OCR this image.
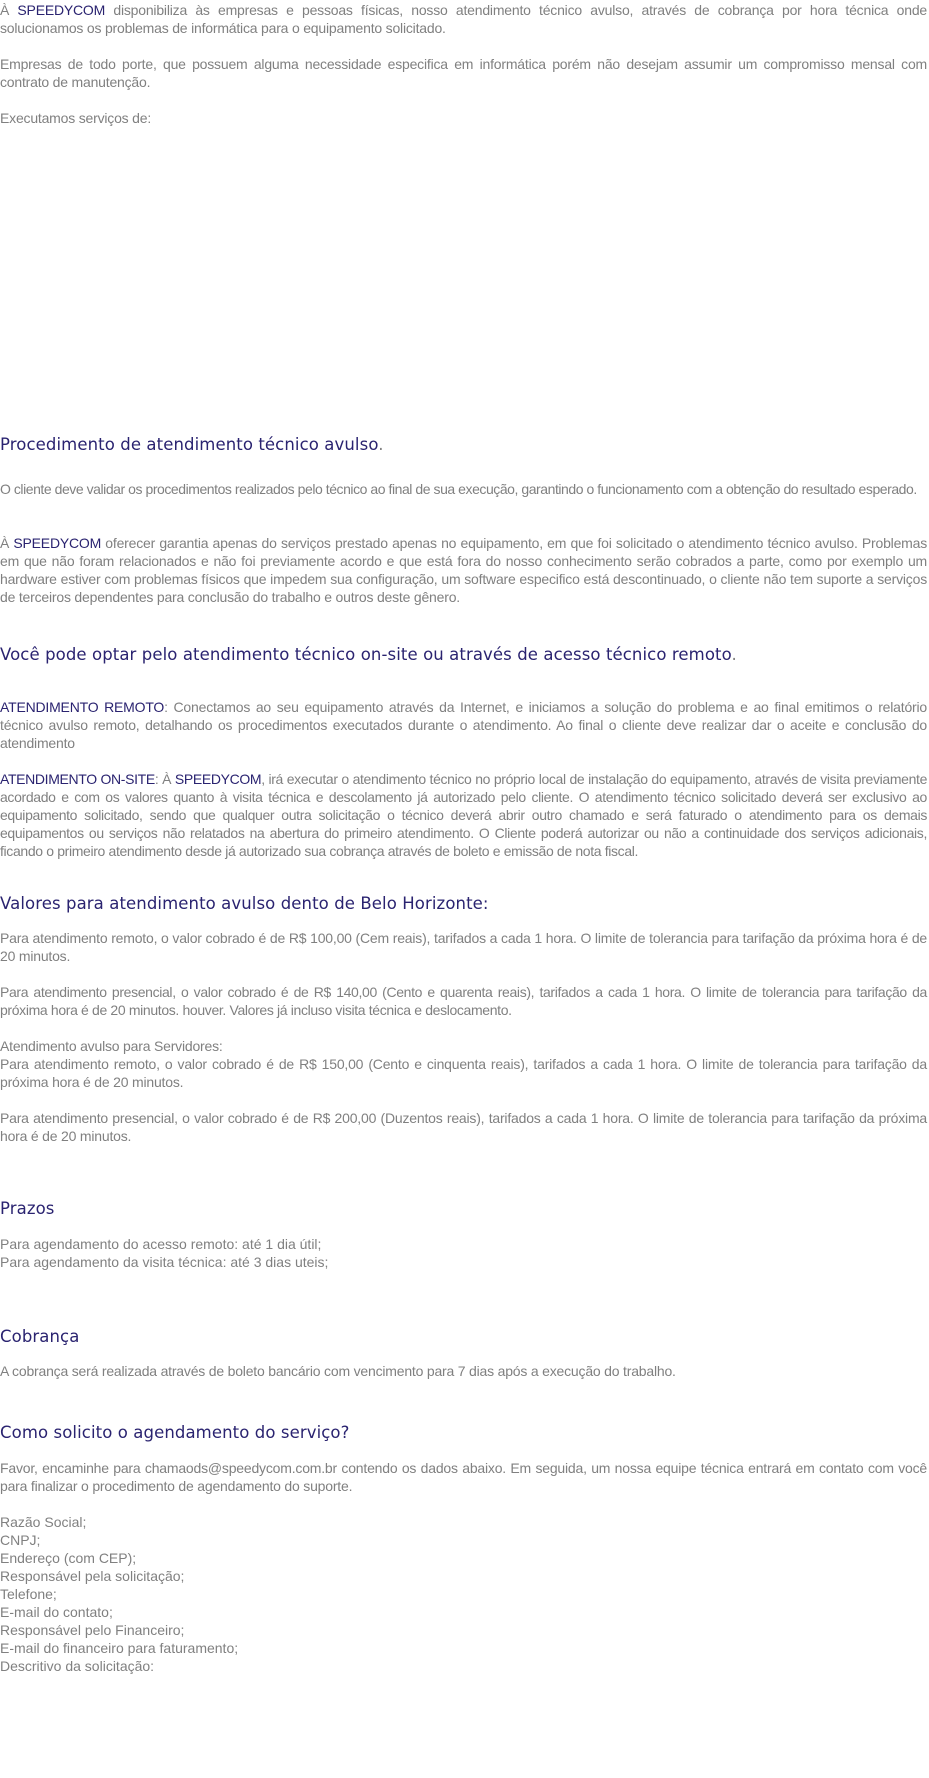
À SPEEDYCOM disponibiliza às empresas e pessoas físicas, nosso atendimento técnico avulso, através de cobrança por hora técnica onde solucionamos os problemas de informática para o equipamento solicitado.

Empresas de todo porte, que possuem alguma necessidade especifica em informática porém não desejam assumir um compromisso mensal com contrato de manutenção.

Executamos serviços de:

Procedimento de atendimento técnico avulso.

O cliente deve validar os procedimentos realizados pelo técnico ao final de sua execução, garantindo o funcionamento com a obtenção do resultado esperado.

À SPEEDYCOM oferecer garantia apenas do serviços prestado apenas no equipamento, em que foi solicitado o atendimento técnico avulso. Problemas em que não foram relacionados e não foi previamente acordo e que está fora do nosso conhecimento serão cobrados a parte, como por exemplo um hardware estiver com problemas físicos que impedem sua configuração, um software especifico está descontinuado, o cliente não tem suporte a serviços de terceiros dependentes para conclusão do trabalho e outros deste gênero.

Você pode optar pelo atendimento técnico on-site ou através de acesso técnico remoto.

ATENDIMENTO REMOTO: Conectamos ao seu equipamento através da Internet, e iniciamos a solução do problema e ao final emitimos o relatório técnico avulso remoto, detalhando os procedimentos executados durante o atendimento. Ao final o cliente deve realizar dar o aceite e conclusão do atendimento

ATENDIMENTO ON-SITE: À SPEEDYCOM, irá executar o atendimento técnico no próprio local de instalação do equipamento, através de visita previamente acordado e com os valores quanto à visita técnica e descolamento já autorizado pelo cliente. O atendimento técnico solicitado deverá ser exclusivo ao equipamento solicitado, sendo que qualquer outra solicitação o técnico deverá abrir outro chamado e será faturado o atendimento para os demais equipamentos ou serviços não relatados na abertura do primeiro atendimento. O Cliente poderá autorizar ou não a continuidade dos serviços adicionais, ficando o primeiro atendimento desde já autorizado sua cobrança através de boleto e emissão de nota fiscal.

Valores para atendimento avulso dento de Belo Horizonte:

Para atendimento remoto, o valor cobrado é de R$ 100,00 (Cem reais), tarifados a cada 1 hora. O limite de tolerancia para tarifação da próxima hora é de 20 minutos.

Para atendimento presencial, o valor cobrado é de R$ 140,00 (Cento e quarenta reais), tarifados a cada 1 hora. O limite de tolerancia para tarifação da próxima hora é de 20 minutos. houver. Valores já incluso visita técnica e deslocamento.

Atendimento avulso para Servidores:

Para atendimento remoto, o valor cobrado é de R$ 150,00 (Cento e cinquenta reais), tarifados a cada 1 hora. O limite de tolerancia para tarifação da próxima hora é de 20 minutos.

Para atendimento presencial, o valor cobrado é de R$ 200,00 (Duzentos reais), tarifados a cada 1 hora. O limite de tolerancia para tarifação da próxima hora é de 20 minutos.

Prazos
Para agendamento do acesso remoto: até 1 dia útil;
Para agendamento da visita técnica: até 3 dias uteis;
Cobrança

A cobrança será realizada através de boleto bancário com vencimento para 7 dias após a execução do trabalho.

Como solicito o agendamento do serviço?

Favor, encaminhe para chamaods@speedycom.com.br contendo os dados abaixo. Em seguida, um nossa equipe técnica entrará em contato com você para finalizar o procedimento de agendamento do suporte.

Razão Social;
CNPJ;
Endereço (com CEP);
Responsável pela solicitação;
Telefone;
E-mail do contato;
Responsável pelo Financeiro;
E-mail do financeiro para faturamento;
Descritivo da solicitação:
